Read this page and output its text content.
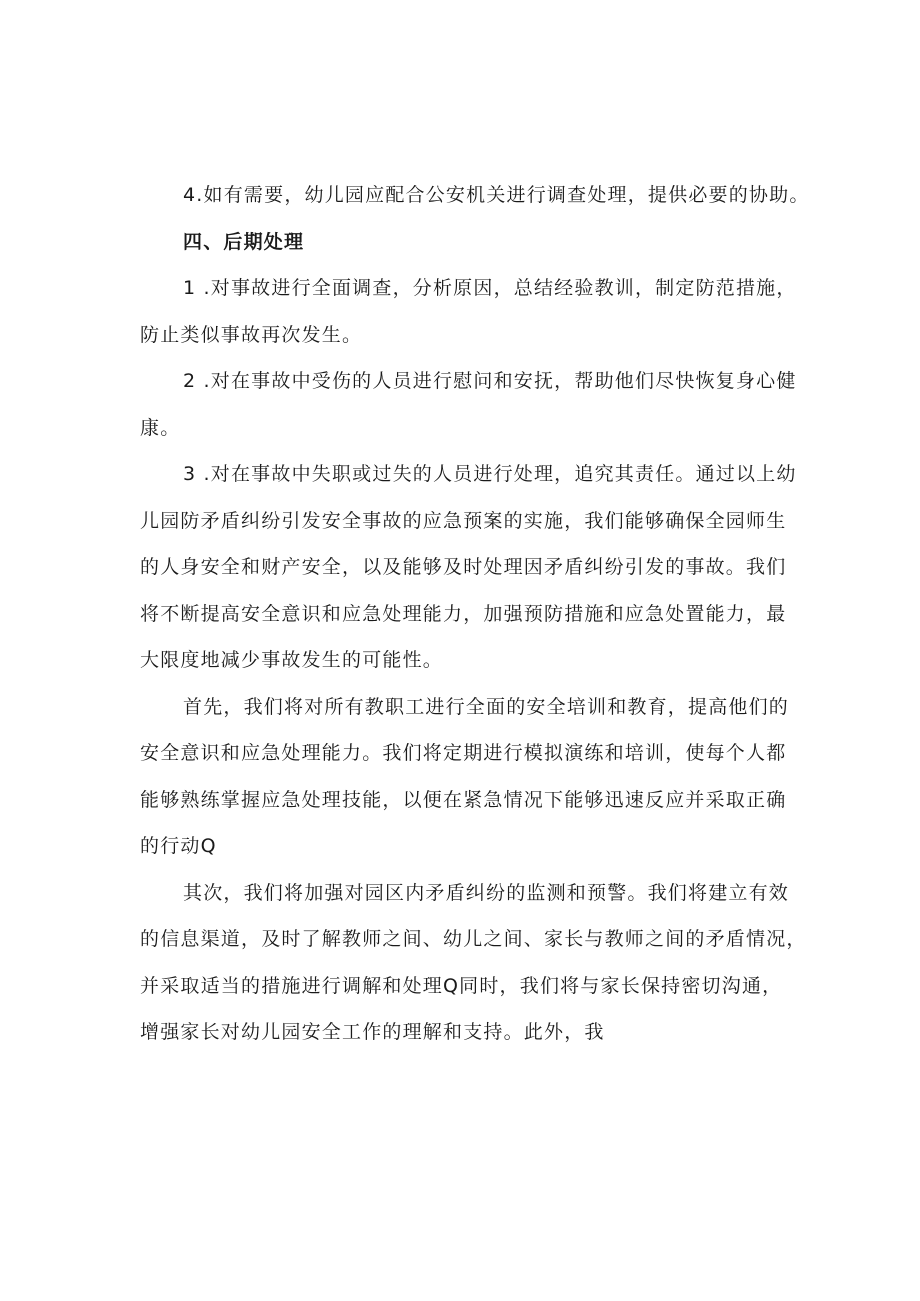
4.如有需要，幼儿园应配合公安机关进行调查处理，提供必要的协助。
四、后期处理
1 .对事故进行全面调查，分析原因，总结经验教训，制定防范措施，
防止类似事故再次发生。
2 .对在事故中受伤的人员进行慰问和安抚，帮助他们尽快恢复身心健
康。
3 .对在事故中失职或过失的人员进行处理，追究其责任。通过以上幼
儿园防矛盾纠纷引发安全事故的应急预案的实施，我们能够确保全园师生
的人身安全和财产安全，以及能够及时处理因矛盾纠纷引发的事故。我们
将不断提高安全意识和应急处理能力，加强预防措施和应急处置能力，最
大限度地减少事故发生的可能性。
首先，我们将对所有教职工进行全面的安全培训和教育，提高他们的
安全意识和应急处理能力。我们将定期进行模拟演练和培训，使每个人都
能够熟练掌握应急处理技能，以便在紧急情况下能够迅速反应并采取正确
的行动Q
其次，我们将加强对园区内矛盾纠纷的监测和预警。我们将建立有效
的信息渠道，及时了解教师之间、幼儿之间、家长与教师之间的矛盾情况，
并采取适当的措施进行调解和处理Q同时，我们将与家长保持密切沟通，
增强家长对幼儿园安全工作的理解和支持。此外，我
